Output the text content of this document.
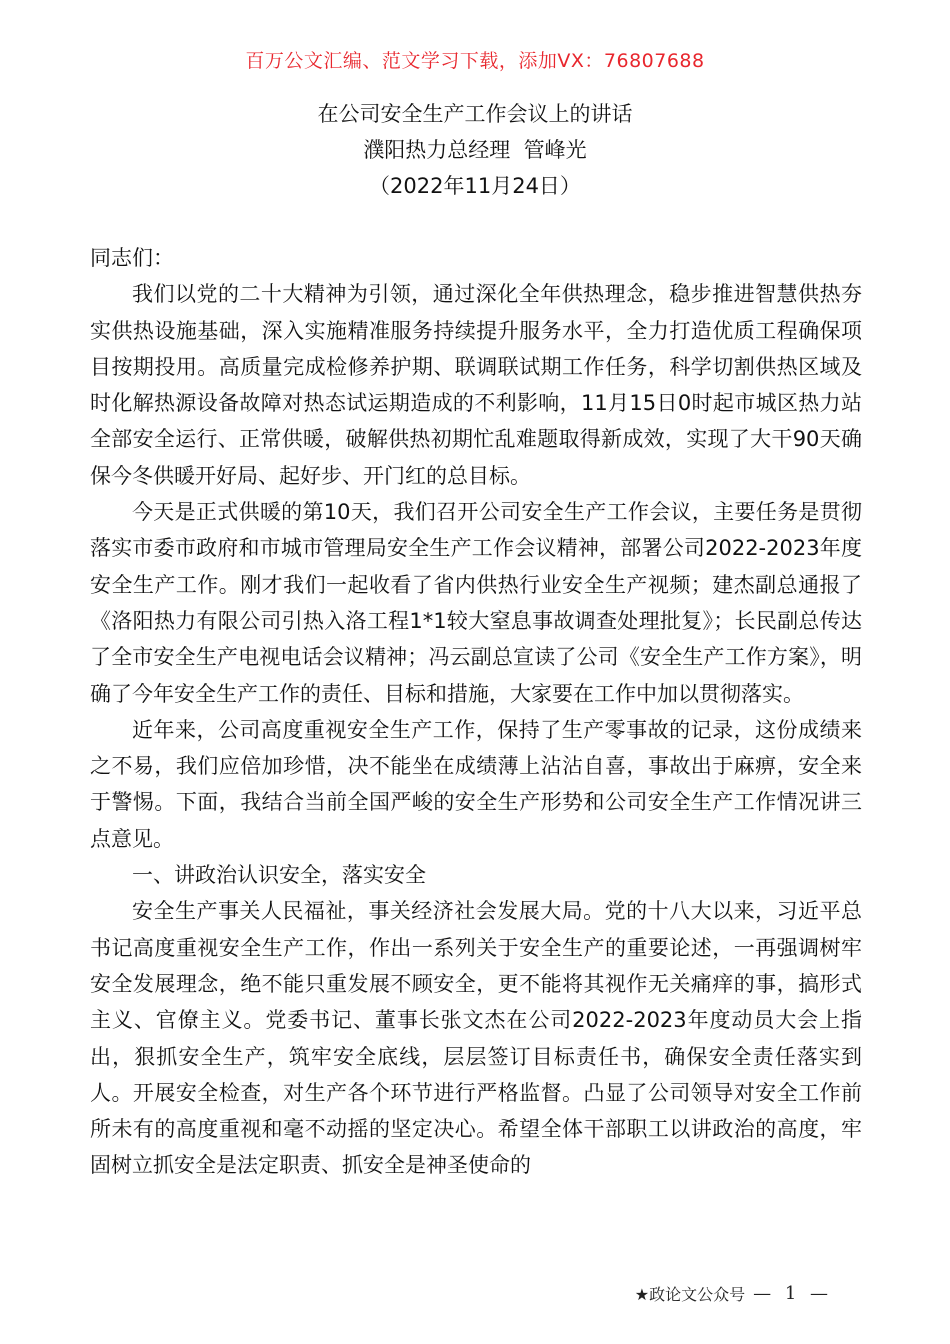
百万公文汇编、范文学习下载，添加VX：76807688
在公司安全生产工作会议上的讲话
濮阳热力总经理  管峰光
（2022年11月24日）

同志们：

我们以党的二十大精神为引领，通过深化全年供热理念，稳步推进智慧供热夯实供热设施基础，深入实施精准服务持续提升服务水平，全力打造优质工程确保项目按期投用。高质量完成检修养护期、联调联试期工作任务，科学切割供热区域及时化解热源设备故障对热态试运期造成的不利影响，11月15日0时起市城区热力站全部安全运行、正常供暖，破解供热初期忙乱难题取得新成效，实现了大干90天确保今冬供暖开好局、起好步、开门红的总目标。

今天是正式供暖的第10天，我们召开公司安全生产工作会议，主要任务是贯彻落实市委市政府和市城市管理局安全生产工作会议精神，部署公司2022-2023年度安全生产工作。刚才我们一起收看了省内供热行业安全生产视频；建杰副总通报了《洛阳热力有限公司引热入洛工程1*1较大窒息事故调查处理批复》；长民副总传达了全市安全生产电视电话会议精神；冯云副总宣读了公司《安全生产工作方案》，明确了今年安全生产工作的责任、目标和措施，大家要在工作中加以贯彻落实。

近年来，公司高度重视安全生产工作，保持了生产零事故的记录，这份成绩来之不易，我们应倍加珍惜，决不能坐在成绩薄上沾沾自喜，事故出于麻痹，安全来于警惕。下面，我结合当前全国严峻的安全生产形势和公司安全生产工作情况讲三点意见。

一、讲政治认识安全，落实安全

安全生产事关人民福祉，事关经济社会发展大局。党的十八大以来，习近平总书记高度重视安全生产工作，作出一系列关于安全生产的重要论述，一再强调树牢安全发展理念，绝不能只重发展不顾安全，更不能将其视作无关痛痒的事，搞形式主义、官僚主义。党委书记、董事长张文杰在公司2022-2023年度动员大会上指出，狠抓安全生产，筑牢安全底线，层层签订目标责任书，确保安全责任落实到人。开展安全检查，对生产各个环节进行严格监督。凸显了公司领导对安全工作前所未有的高度重视和毫不动摇的坚定决心。希望全体干部职工以讲政治的高度，牢固树立抓安全是法定职责、抓安全是神圣使命的

★政论文公众号 — 1 —
